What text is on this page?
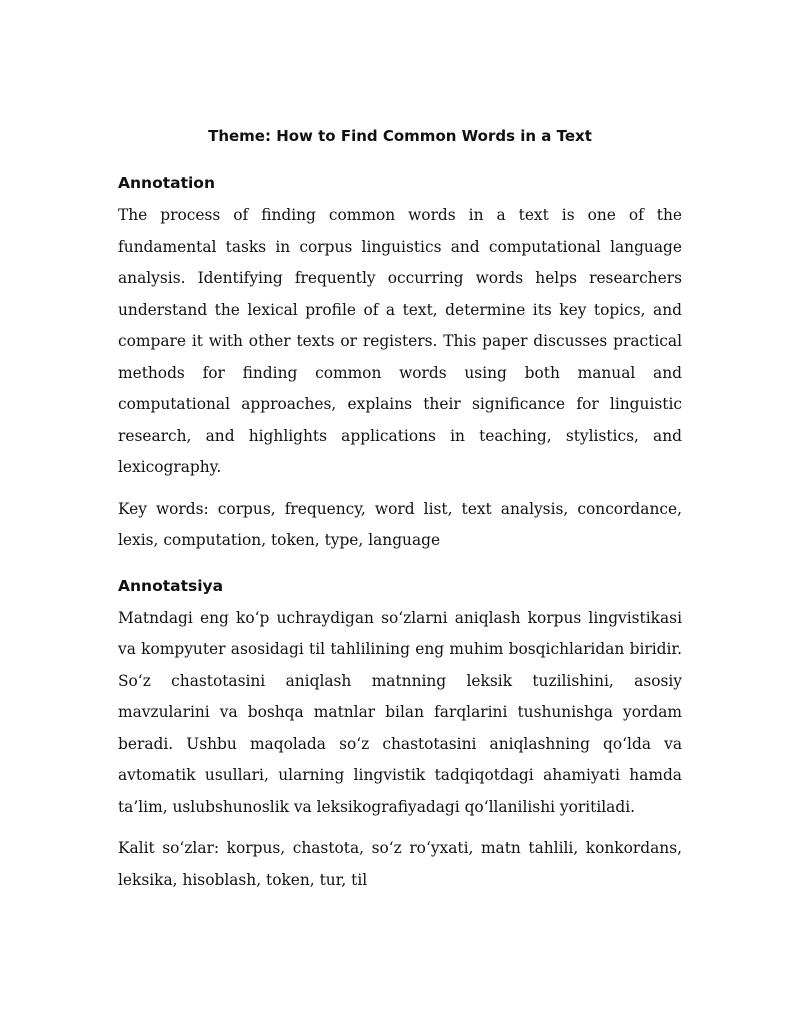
Theme: How to Find Common Words in a Text
Annotation

The process of finding common words in a text is one of the fundamental tasks in corpus linguistics and computational language analysis. Identifying frequently occurring words helps researchers understand the lexical profile of a text, determine its key topics, and compare it with other texts or registers. This paper discusses practical methods for finding common words using both manual and computational approaches, explains their significance for linguistic research, and highlights applications in teaching, stylistics, and lexicography.

Key words: corpus, frequency, word list, text analysis, concordance, lexis, computation, token, type, language

Annotatsiya

Matndagi eng ko‘p uchraydigan so‘zlarni aniqlash korpus lingvistikasi va kompyuter asosidagi til tahlilining eng muhim bosqichlaridan biridir. So‘z chastotasini aniqlash matnning leksik tuzilishini, asosiy mavzularini va boshqa matnlar bilan farqlarini tushunishga yordam beradi. Ushbu maqolada so‘z chastotasini aniqlashning qo‘lda va avtomatik usullari, ularning lingvistik tadqiqotdagi ahamiyati hamda ta’lim, uslubshunoslik va leksikografiyadagi qo‘llanilishi yoritiladi.

Kalit so‘zlar: korpus, chastota, so‘z ro‘yxati, matn tahlili, konkordans, leksika, hisoblash, token, tur, til
